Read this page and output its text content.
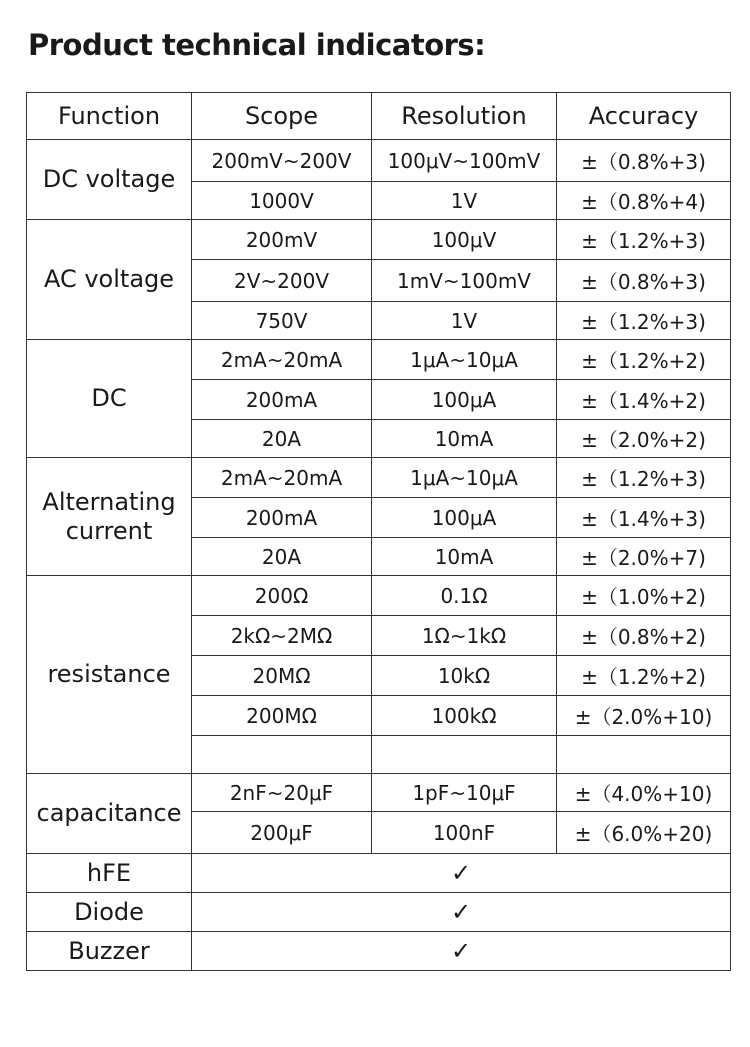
Product technical indicators:
Function	Scope	Resolution	Accuracy
DC voltage	200mV~200V	100μV~100mV	±（0.8%+3)
	1000V	1V	±（0.8%+4)
AC voltage	200mV	100μV	±（1.2%+3)
	2V~200V	1mV~100mV	±（0.8%+3)
	750V	1V	±（1.2%+3)
DC	2mA~20mA	1μA~10μA	±（1.2%+2)
	200mA	100μA	±（1.4%+2)
	20A	10mA	±（2.0%+2)
Alternating current	2mA~20mA	1μA~10μA	±（1.2%+3)
	200mA	100μA	±（1.4%+3)
	20A	10mA	±（2.0%+7)
resistance	200Ω	0.1Ω	±（1.0%+2)
	2kΩ~2MΩ	1Ω~1kΩ	±（0.8%+2)
	20MΩ	10kΩ	±（1.2%+2)
	200MΩ	100kΩ	±（2.0%+10)

capacitance	2nF~20μF	1pF~10μF	±（4.0%+10)
	200μF	100nF	±（6.0%+20)
hFE	✓		
Diode	✓		
Buzzer	✓		
